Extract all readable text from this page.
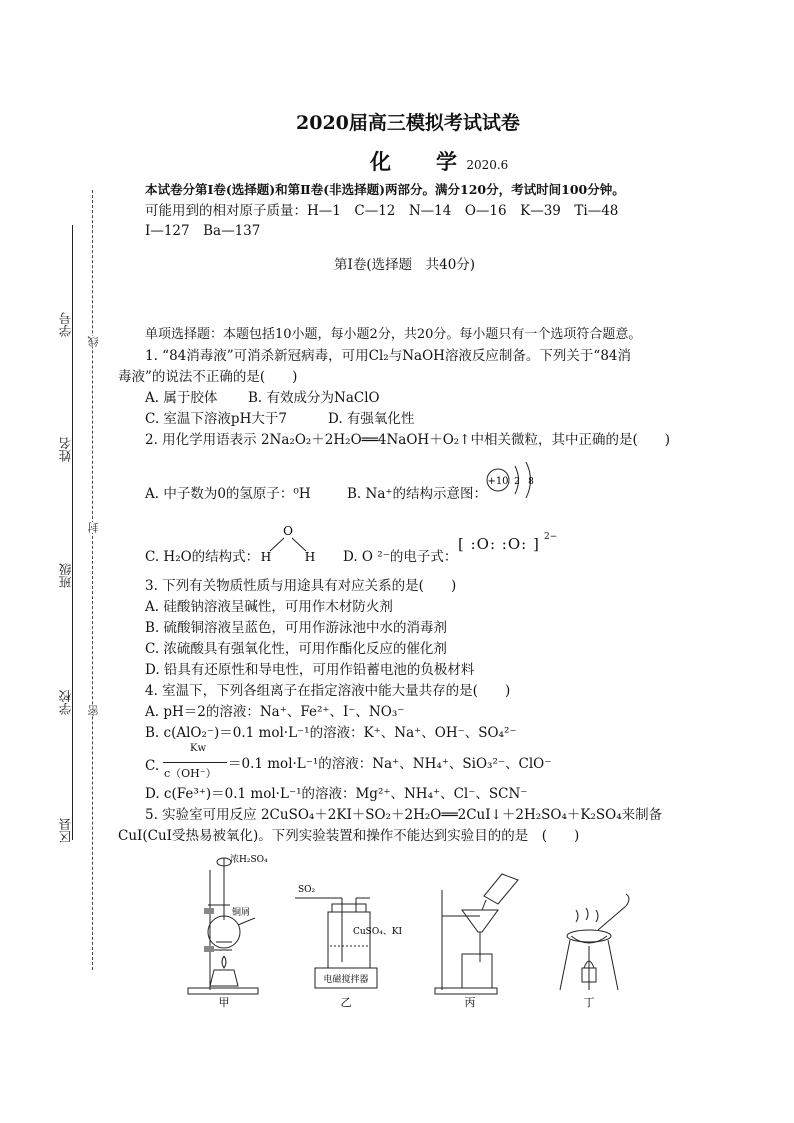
学号
姓名
班级
学校
区县
线
封
密
2020届高三模拟考试试卷
化　　学 2020.6
本试卷分第Ⅰ卷(选择题)和第Ⅱ卷(非选择题)两部分。满分120分，考试时间100分钟。
可能用到的相对原子质量：H—1　C—12　N—14　O—16　K—39　Ti—48
I—127　Ba—137
第Ⅰ卷(选择题　共40分)
单项选择题：本题包括10小题，每小题2分，共20分。每小题只有一个选项符合题意。
1. “84消毒液”可消杀新冠病毒，可用Cl₂与NaOH溶液反应制备。下列关于“84消
毒液”的说法不正确的是(　　)
A. 属于胶体 B. 有效成分为NaClO
C. 室温下溶液pH大于7	D. 有强氧化性
2. 用化学用语表示 2Na₂O₂＋2H₂O══4NaOH＋O₂↑中相关微粒，其中正确的是(　　)
A. 中子数为0的氢原子：⁰H	B. Na⁺的结构示意图：
+10 2 8
C. H₂O的结构式：
O
H	H D. O ²⁻的电子式：
[ :O: :O: ] 2−
3. 下列有关物质性质与用途具有对应关系的是(　　)
A. 硅酸钠溶液呈碱性，可用作木材防火剂
B. 硫酸铜溶液呈蓝色，可用作游泳池中水的消毒剂
C. 浓硫酸具有强氧化性，可用作酯化反应的催化剂
D. 铅具有还原性和导电性，可用作铅蓄电池的负极材料
4. 室温下，下列各组离子在指定溶液中能大量共存的是(　　)
A. pH＝2的溶液：Na⁺、Fe²⁺、I⁻、NO₃⁻
B. c(AlO₂⁻)＝0.1 mol·L⁻¹的溶液：K⁺、Na⁺、OH⁻、SO₄²⁻
C.
Kw
c（OH⁻）
＝0.1 mol·L⁻¹的溶液：Na⁺、NH₄⁺、SiO₃²⁻、ClO⁻
D. c(Fe³⁺)＝0.1 mol·L⁻¹的溶液：Mg²⁺、NH₄⁺、Cl⁻、SCN⁻
5. 实验室可用反应 2CuSO₄＋2KI＋SO₂＋2H₂O══2CuI↓＋2H₂SO₄＋K₂SO₄来制备
CuI(CuI受热易被氧化)。下列实验装置和操作不能达到实验目的的是　(　　)
浓H₂SO₄
铜屑
SO₂
CuSO₄、KI
电磁搅拌器
甲	乙	丙	丁
